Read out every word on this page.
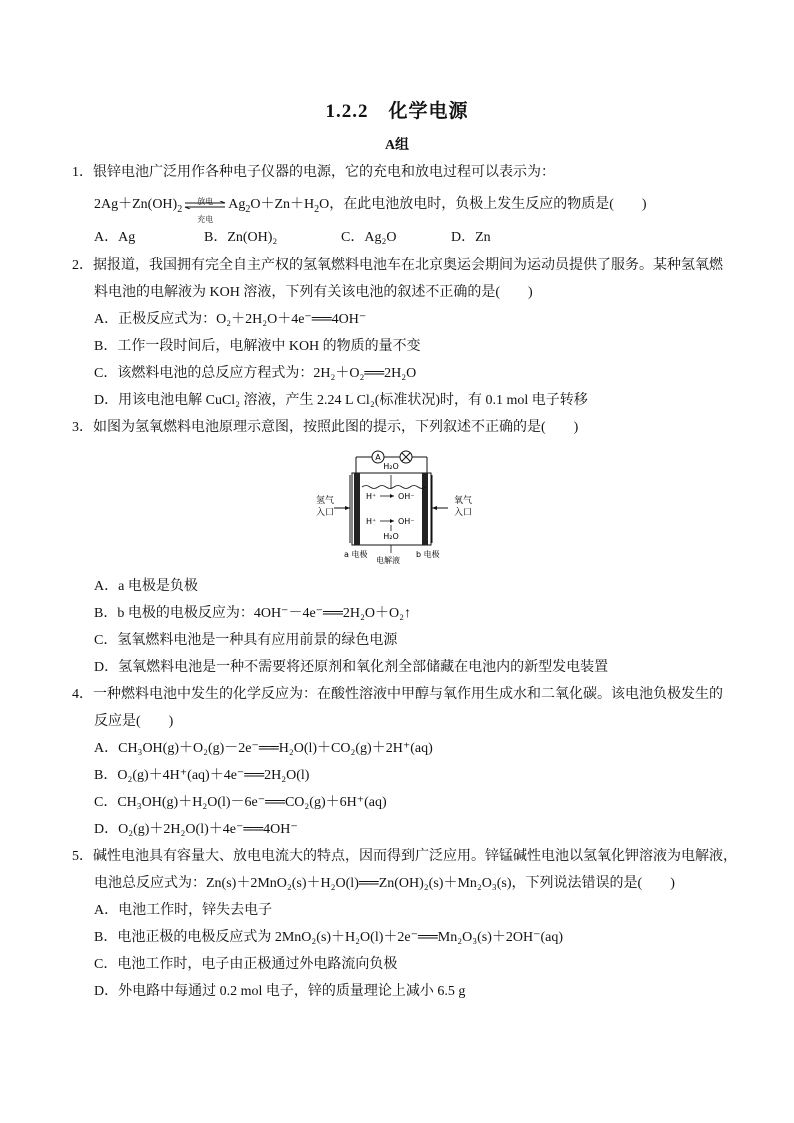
1.2.2　化学电源
A组
1．银锌电池广泛用作各种电子仪器的电源，它的充电和放电过程可以表示为：
$2Ag+Zn(OH)_2$
放电
充电
$Ag_2O+Zn+H_2O$，在此电池放电时，负极上发生反应的物质是(　　)
A．Ag	B．Zn(OH)₂	C．Ag₂O	D．Zn
2．据报道，我国拥有完全自主产权的氢氧燃料电池车在北京奥运会期间为运动员提供了服务。某种氢氧燃
料电池的电解液为 KOH 溶液，下列有关该电池的叙述不正确的是(　　)
A．正极反应式为：O₂＋2H₂O＋4e⁻══4OH⁻
B．工作一段时间后，电解液中 KOH 的物质的量不变
C．该燃料电池的总反应方程式为：2H₂＋O₂══2H₂O
D．用该电池电解 CuCl₂ 溶液，产生 2.24 L Cl₂(标准状况)时，有 0.1 mol 电子转移
3．如图为氢氧燃料电池原理示意图，按照此图的提示，下列叙述不正确的是(　　)
A
氢气
入口
氧气
入口
H₂O
H₂O
H⁺
H⁺
OH⁻
OH⁻
a 电极	b 电极
电解液
A．a 电极是负极
B．b 电极的电极反应为：4OH⁻－4e⁻══2H₂O＋O₂↑
C．氢氧燃料电池是一种具有应用前景的绿色电源
D．氢氧燃料电池是一种不需要将还原剂和氧化剂全部储藏在电池内的新型发电装置
4．一种燃料电池中发生的化学反应为：在酸性溶液中甲醇与氧作用生成水和二氧化碳。该电池负极发生的
反应是(　　)
A．CH₃OH(g)＋O₂(g)－2e⁻══H₂O(l)＋CO₂(g)＋2H⁺(aq)
B．O₂(g)＋4H⁺(aq)＋4e⁻══2H₂O(l)
C．CH₃OH(g)＋H₂O(l)－6e⁻══CO₂(g)＋6H⁺(aq)
D．O₂(g)＋2H₂O(l)＋4e⁻══4OH⁻
5．碱性电池具有容量大、放电电流大的特点，因而得到广泛应用。锌锰碱性电池以氢氧化钾溶液为电解液，
电池总反应式为：Zn(s)＋2MnO₂(s)＋H₂O(l)══Zn(OH)₂(s)＋Mn₂O₃(s)，下列说法错误的是(　　)
A．电池工作时，锌失去电子
B．电池正极的电极反应式为 2MnO₂(s)＋H₂O(l)＋2e⁻══Mn₂O₃(s)＋2OH⁻(aq)
C．电池工作时，电子由正极通过外电路流向负极
D．外电路中每通过 0.2 mol 电子，锌的质量理论上减小 6.5 g
